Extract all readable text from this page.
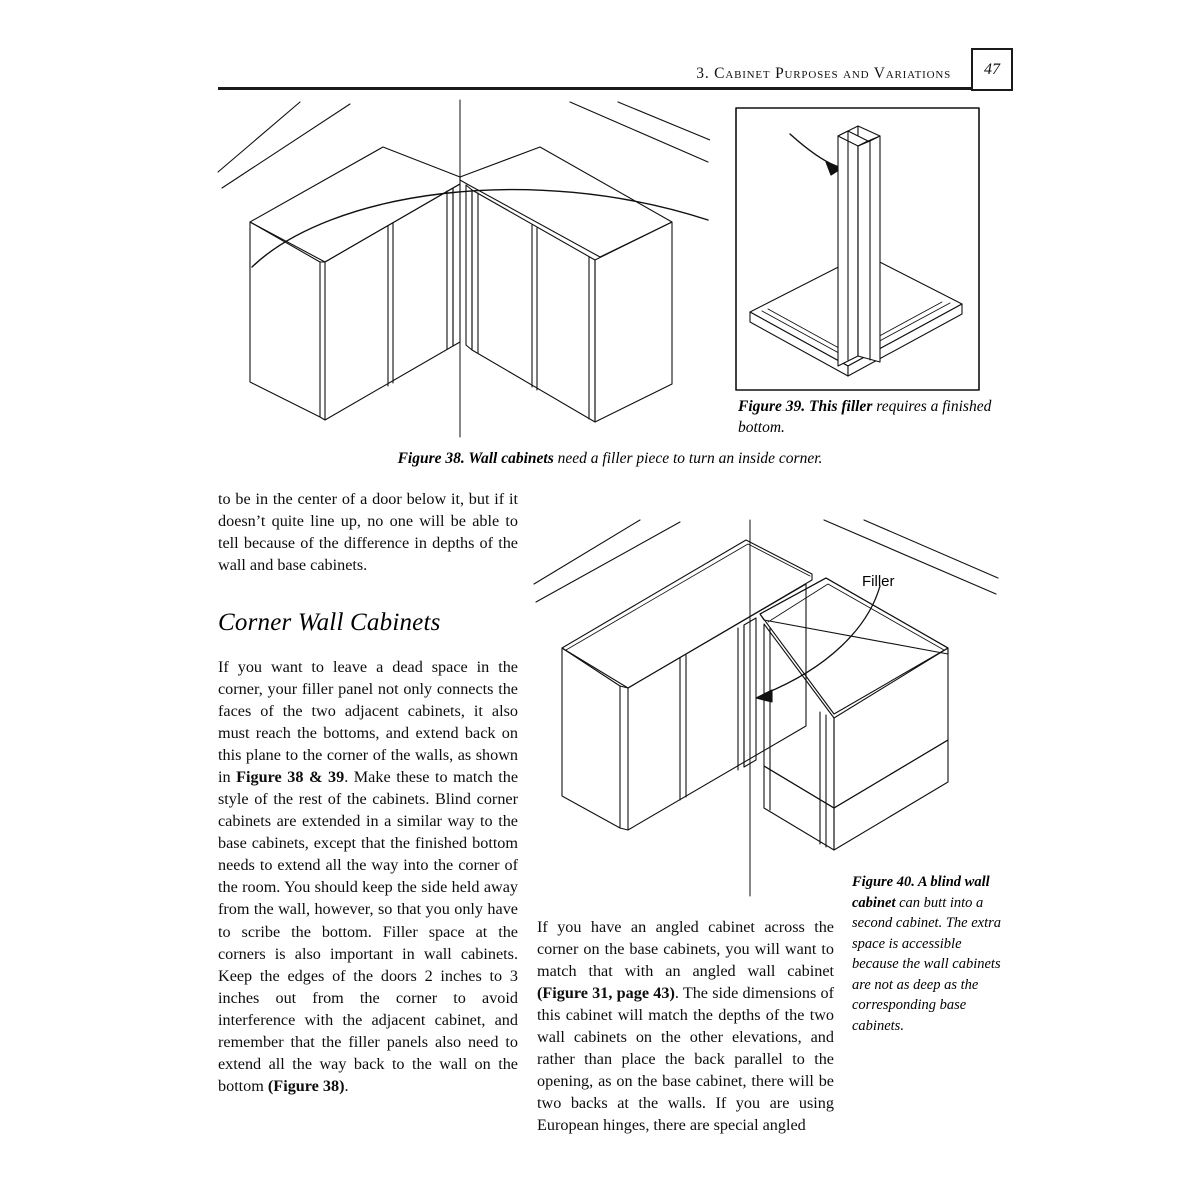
3. Cabinet Purposes and Variations 47
Figure 39. This filler requires a finished bottom.
Figure 38. Wall cabinets need a filler piece to turn an inside corner.

to be in the center of a door below it, but if it doesn’t quite line up, no one will be able to tell because of the difference in depths of the wall and base cabinets.

Corner Wall Cabinets

If you want to leave a dead space in the corner, your filler panel not only connects the faces of the two adjacent cabinets, it also must reach the bottoms, and extend back on this plane to the corner of the walls, as shown in Figure 38 & 39. Make these to match the style of the rest of the cabinets. Blind corner cabinets are extended in a similar way to the base cabinets, except that the finished bottom needs to extend all the way into the corner of the room. You should keep the side held away from the wall, however, so that you only have to scribe the bottom. Filler space at the corners is also important in wall cabinets. Keep the edges of the doors 2 inches to 3 inches out from the corner to avoid interference with the adjacent cabinet, and remember that the filler panels also need to extend all the way back to the wall on the bottom (Figure 38).

Filler

If you have an angled cabinet across the corner on the base cabinets, you will want to match that with an angled wall cabinet (Figure 31, page 43). The side dimensions of this cabinet will match the depths of the two wall cabinets on the other elevations, and rather than place the back parallel to the opening, as on the base cabinet, there will be two backs at the walls. If you are using European hinges, there are special angled

Figure 40. A blind wall cabinet can butt into a second cabinet. The extra space is accessible because the wall cabinets are not as deep as the corresponding base cabinets.
